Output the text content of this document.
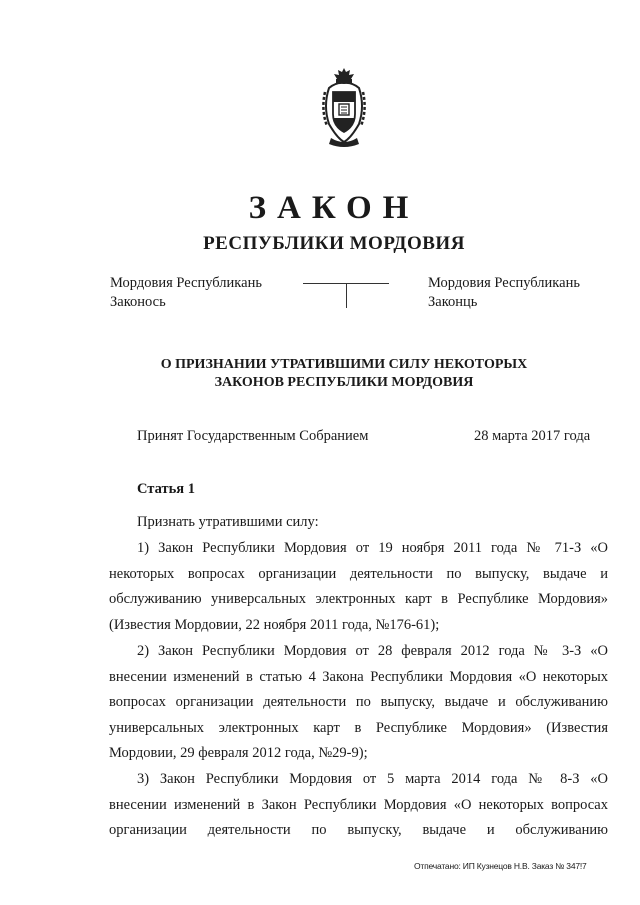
ЗАКОН
РЕСПУБЛИКИ МОРДОВИЯ
Мордовия Республикань
Законось
Мордовия Республикань
Законць
О ПРИЗНАНИИ УТРАТИВШИМИ СИЛУ НЕКОТОРЫХ
ЗАКОНОВ РЕСПУБЛИКИ МОРДОВИЯ
Принят Государственным Собранием	28 марта 2017 года
Статья 1
Признать утратившими силу:
1) Закон Республики Мордовия от 19 ноября 2011 года № 71-З «О
некоторых вопросах организации деятельности по выпуску, выдаче и
обслуживанию универсальных электронных карт в Республике Мордовия»
(Известия Мордовии, 22 ноября 2011 года, №176-61);
2) Закон Республики Мордовия от 28 февраля 2012 года № 3-З «О
внесении изменений в статью 4 Закона Республики Мордовия «О некоторых
вопросах организации деятельности по выпуску, выдаче и обслуживанию
универсальных электронных карт в Республике Мордовия» (Известия
Мордовии, 29 февраля 2012 года, №29-9);
3) Закон Республики Мордовия от 5 марта 2014 года № 8-З «О
внесении изменений в Закон Республики Мордовия «О некоторых вопросах
организации деятельности по выпуску, выдаче и обслуживанию
Отпечатано: ИП Кузнецов Н.В. Заказ № 347!7
